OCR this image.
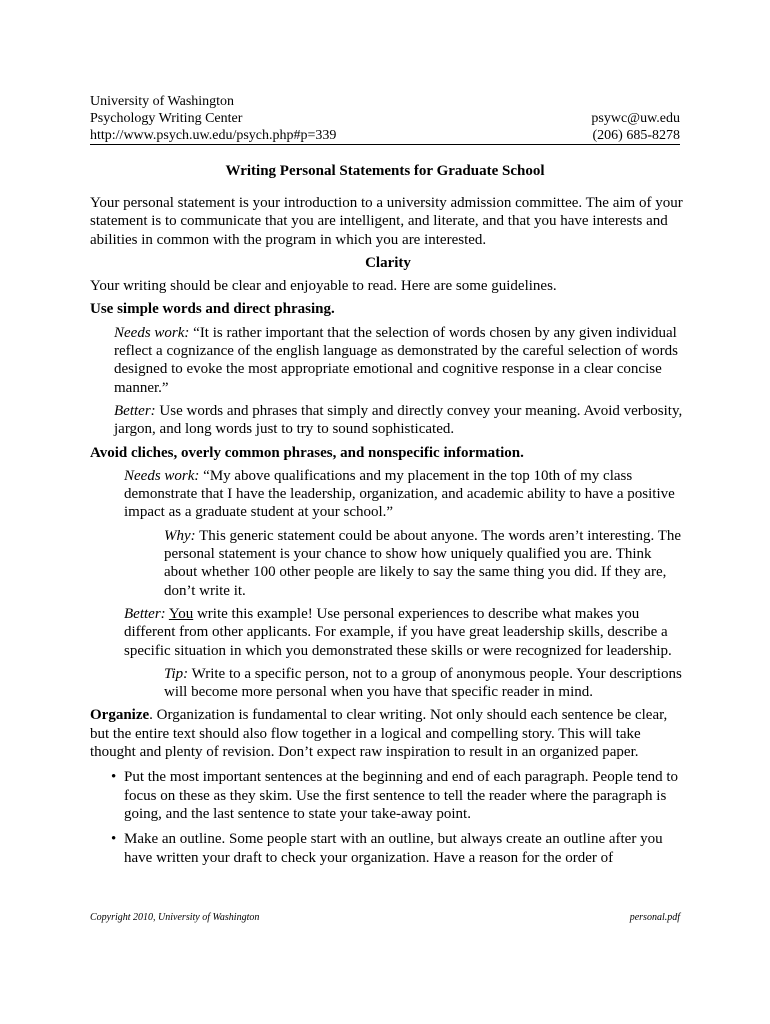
University of Washington
Psychology Writing Center
http://www.psych.uw.edu/psych.php#p=339
psywc@uw.edu
(206) 685-8278
Writing Personal Statements for Graduate School

Your personal statement is your introduction to a university admission committee. The aim of your statement is to communicate that you are intelligent, and literate, and that you have interests and abilities in common with the program in which you are interested.

Clarity

Your writing should be clear and enjoyable to read. Here are some guidelines.

Use simple words and direct phrasing.

Needs work: “It is rather important that the selection of words chosen by any given individual reflect a cognizance of the english language as demonstrated by the careful selection of words designed to evoke the most appropriate emotional and cognitive response in a clear concise manner.”

Better: Use words and phrases that simply and directly convey your meaning. Avoid verbosity, jargon, and long words just to try to sound sophisticated.

Avoid cliches, overly common phrases, and nonspecific information.

Needs work: “My above qualifications and my placement in the top 10th of my class demonstrate that I have the leadership, organization, and academic ability to have a positive impact as a graduate student at your school.”

Why: This generic statement could be about anyone. The words aren’t interesting. The personal statement is your chance to show how uniquely qualified you are. Think about whether 100 other people are likely to say the same thing you did. If they are, don’t write it.

Better: You write this example! Use personal experiences to describe what makes you different from other applicants. For example, if you have great leadership skills, describe a specific situation in which you demonstrated these skills or were recognized for leadership.

Tip: Write to a specific person, not to a group of anonymous people. Your descriptions will become more personal when you have that specific reader in mind.

Organize. Organization is fundamental to clear writing. Not only should each sentence be clear, but the entire text should also flow together in a logical and compelling story. This will take thought and plenty of revision. Don’t expect raw inspiration to result in an organized paper.

• Put the most important sentences at the beginning and end of each paragraph. People tend to focus on these as they skim. Use the first sentence to tell the reader where the paragraph is going, and the last sentence to state your take-away point.

• Make an outline. Some people start with an outline, but always create an outline after you have written your draft to check your organization. Have a reason for the order of

Copyright 2010, University of Washington	personal.pdf
